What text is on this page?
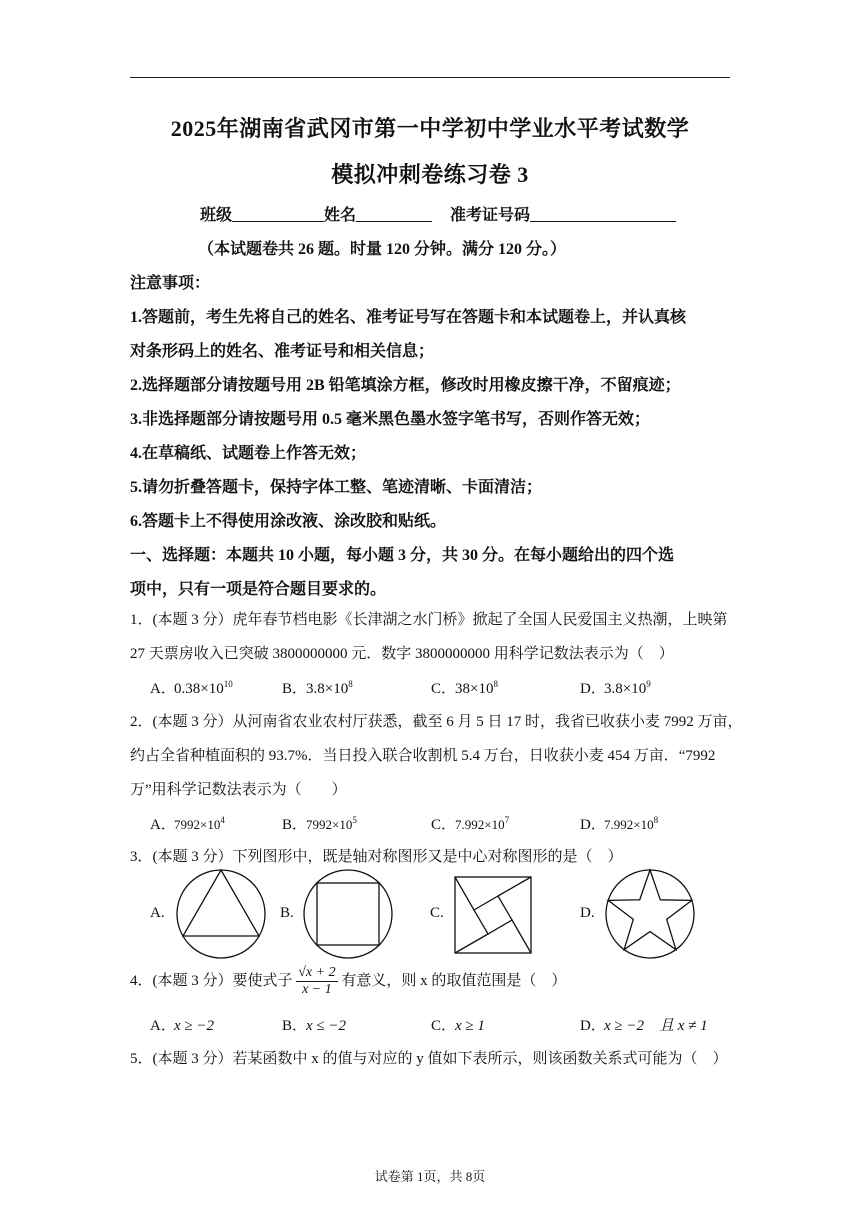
2025年湖南省武冈市第一中学初中学业水平考试数学
模拟冲刺卷练习卷 3
班级	姓名	准考证号码
（本试题卷共 26 题。时量 120 分钟。满分 120 分。）
注意事项：
1.答题前，考生先将自己的姓名、准考证号写在答题卡和本试题卷上，并认真核
对条形码上的姓名、准考证号和相关信息；
2.选择题部分请按题号用 2B 铅笔填涂方框，修改时用橡皮擦干净，不留痕迹；
3.非选择题部分请按题号用 0.5 毫米黑色墨水签字笔书写，否则作答无效；
4.在草稿纸、试题卷上作答无效；
5.请勿折叠答题卡，保持字体工整、笔迹清晰、卡面清洁；
6.答题卡上不得使用涂改液、涂改胶和贴纸。
一、选择题：本题共 10 小题，每小题 3 分，共 30 分。在每小题给出的四个选
项中，只有一项是符合题目要求的。
1．(本题 3 分）虎年春节档电影《长津湖之水门桥》掀起了全国人民爱国主义热潮，上映第
27 天票房收入已突破 3800000000 元．数字 3800000000 用科学记数法表示为（　）
A．$0.38\times 10^{10}$	B．$3.8\times 10^8$	C．$38\times 10^8$	D．$3.8\times 10^9$
2．(本题 3 分）从河南省农业农村厅获悉，截至 6 月 5 日 17 时，我省已收获小麦 7992 万亩，
约占全省种植面积的 93.7%．当日投入联合收割机 5.4 万台，日收获小麦 454 万亩．“7992
万”用科学记数法表示为（　　）
A．$7992\times 10^4$	B．$7992\times 10^5$	C．$7.992\times 10^7$	D．$7.992\times 10^8$
3．(本题 3 分）下列图形中，既是轴对称图形又是中心对称图形的是（　）
A.	B.	C.	D.
4．(本题 3 分）要使式子 $\frac{√x + 2}{x - 1}$ 有意义，则 x 的取值范围是（　）
A．x ≥ −2	B．x ≤ −2	C．x ≥ 1	D．x ≥ −2　且 x ≠ 1
5．(本题 3 分）若某函数中 x 的值与对应的 y 值如下表所示，则该函数关系式可能为（　）
试卷第 1页，共 8页
